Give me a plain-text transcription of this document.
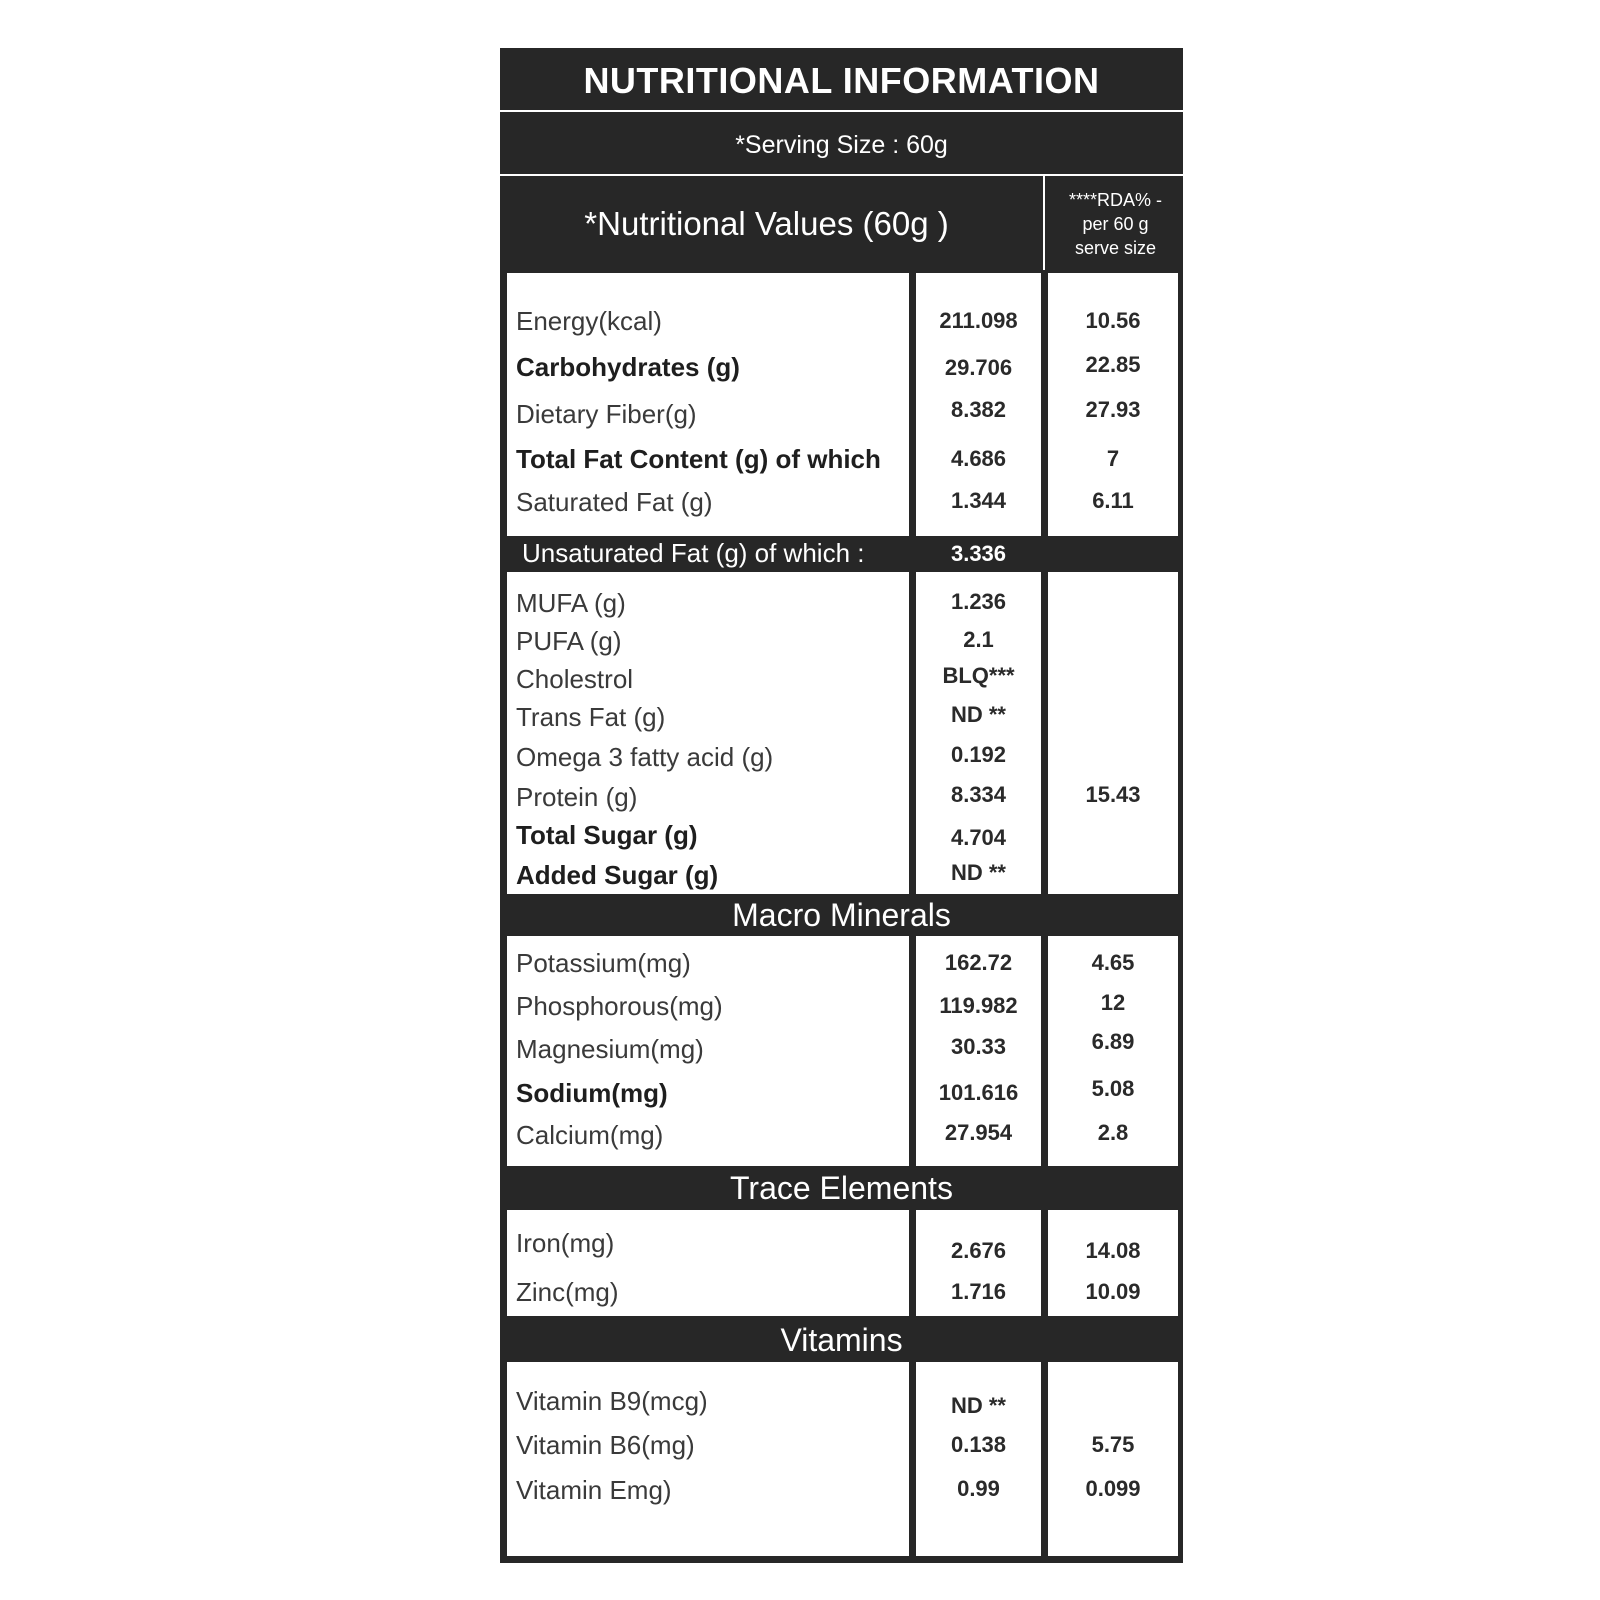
NUTRITIONAL INFORMATION
*Serving Size : 60g
*Nutritional Values (60g )
****RDA% -
per 60 g
serve size
Energy(kcal)	211.098	10.56
Carbohydrates (g)	29.706	22.85
Dietary Fiber(g)	8.382	27.93
Total Fat Content (g) of which	4.686	7
Saturated Fat (g)	1.344	6.11
Unsaturated Fat (g) of which :	3.336
MUFA (g)	1.236
PUFA (g)	2.1
Cholestrol	BLQ***
Trans Fat (g)	ND **
Omega 3 fatty acid (g)	0.192
Protein (g)	8.334	15.43
Total Sugar (g)	4.704
Added Sugar (g)	ND **
Macro Minerals
Potassium(mg)	162.72	4.65
Phosphorous(mg)	119.982	12
Magnesium(mg)	30.33	6.89
Sodium(mg)	101.616	5.08
Calcium(mg)	27.954	2.8
Trace Elements
Iron(mg)	2.676	14.08
Zinc(mg)	1.716	10.09
Vitamins
Vitamin B9(mcg)	ND **
Vitamin B6(mg)	0.138	5.75
Vitamin Emg)	0.99	0.099
